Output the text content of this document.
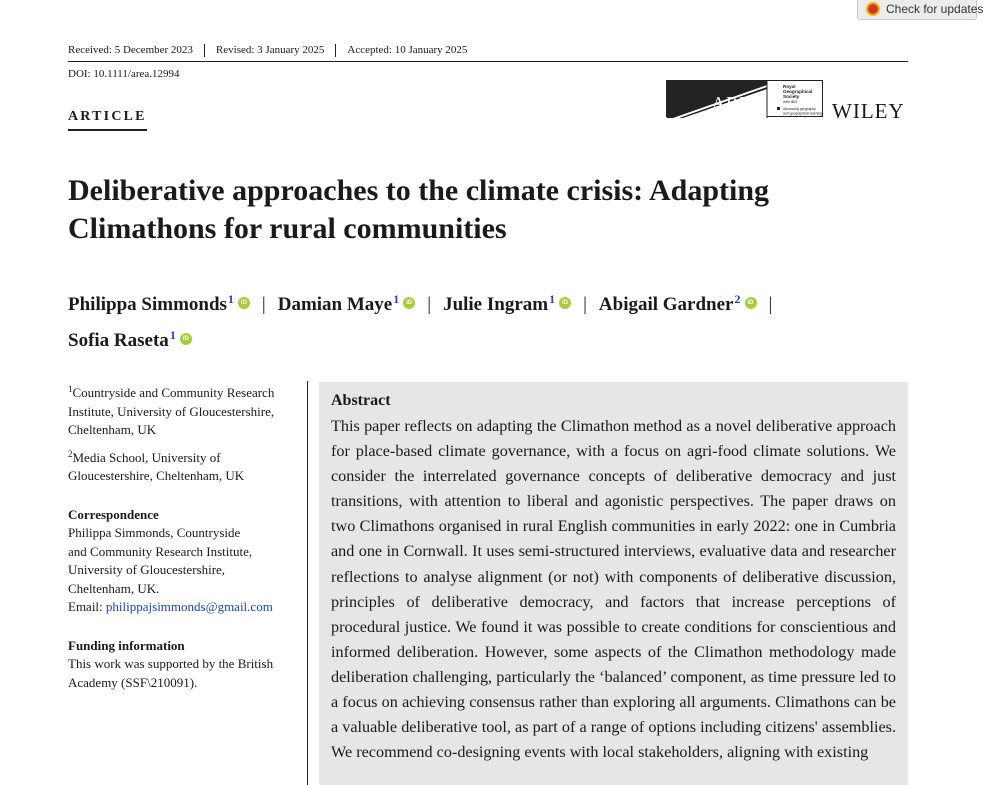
Check for updates
Received: 5 December 2023	Revised: 3 January 2025	Accepted: 10 January 2025
DOI: 10.1111/area.12994
ARTICLE
AREA
Royal
Geographical
Society
with IBG
Advancing geography
and geographical learning WILEY
Deliberative approaches to the climate crisis: Adapting Climathons for rural communities
Philippa Simmonds$^1$ iD | Damian Maye$^1$ iD | Julie Ingram$^1$ iD | Abigail Gardner$^2$ iD |
Sofia Raseta$^1$iD

$^1$Countryside and Community Research Institute, University of Gloucestershire, Cheltenham, UK

$^2$Media School, University of Gloucestershire, Cheltenham, UK

Correspondence

Philippa Simmonds, Countryside

and Community Research Institute,

University of Gloucestershire,

Cheltenham, UK.

Email: philippajsimmonds@gmail.com

Funding information

This work was supported by the British Academy (SSF\210091).

Abstract

This paper reflects on adapting the Climathon method as a novel deliberative approach for place-based climate governance, with a focus on agri-food climate solutions. We consider the interrelated governance concepts of deliberative democracy and just transitions, with attention to liberal and agonistic perspectives. The paper draws on two Climathons organised in rural English communities in early 2022: one in Cumbria and one in Cornwall. It uses semi-structured interviews, evaluative data and researcher reflections to analyse alignment (or not) with components of deliberative discussion, principles of deliberative democracy, and factors that increase perceptions of procedural justice. We found it was possible to create conditions for conscientious and informed deliberation. However, some aspects of the Climathon methodology made deliberation challenging, particularly the ‘balanced’ component, as time pressure led to a focus on achieving consensus rather than exploring all arguments. Climathons can be a valuable deliberative tool, as part of a range of options including citizens' assemblies. We recommend co-designing events with local stakeholders, aligning with existing
